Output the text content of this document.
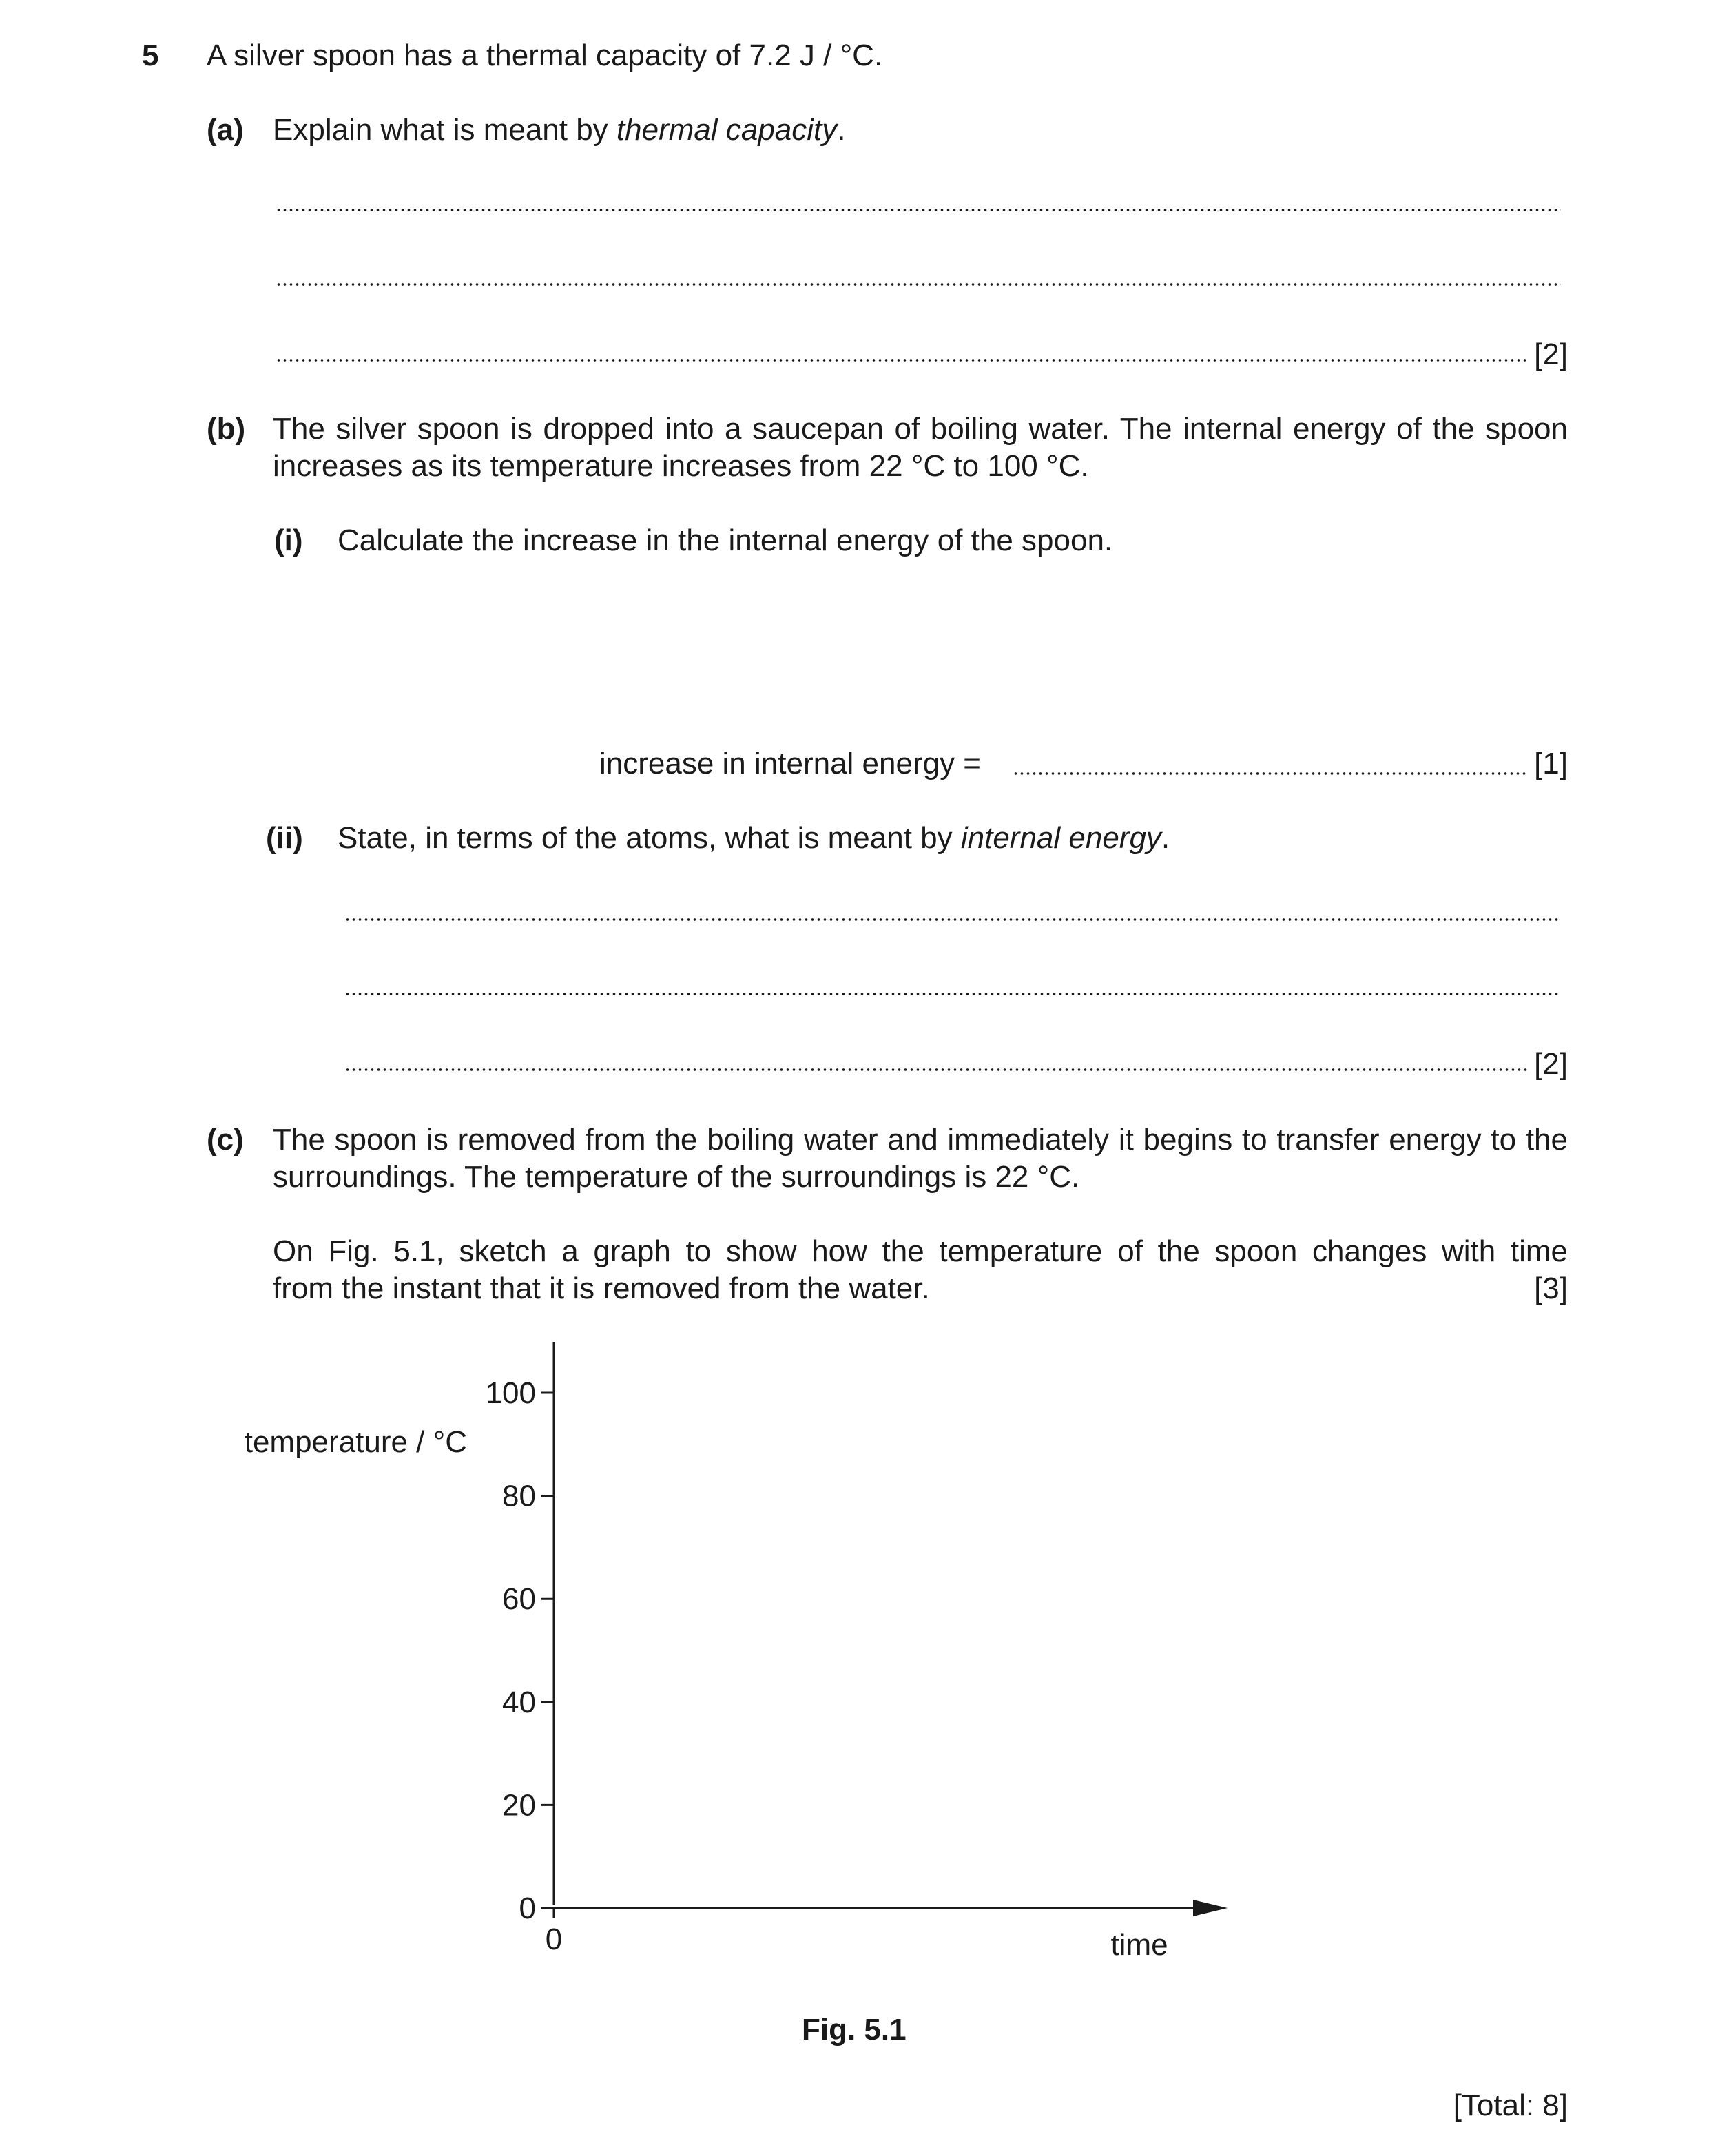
5 A silver spoon has a thermal capacity of 7.2 J / °C.
(a) Explain what is meant by thermal capacity.
[2]
(b) The silver spoon is dropped into a saucepan of boiling water. The internal energy of the spoon increases as its temperature increases from 22 °C to 100 °C.
(i) Calculate the increase in the internal energy of the spoon.
increase in internal energy =	[1]
(ii) State, in terms of the atoms, what is meant by internal energy.
[2]
(c) The spoon is removed from the boiling water and immediately it begins to transfer energy to the surroundings. The temperature of the surroundings is 22 °C.
On Fig. 5.1, sketch a graph to show how the temperature of the spoon changes with time
from the instant that it is removed from the water.	[3]
0
20
40
60
80
100
0	time
temperature / °C
Fig. 5.1
[Total: 8]
